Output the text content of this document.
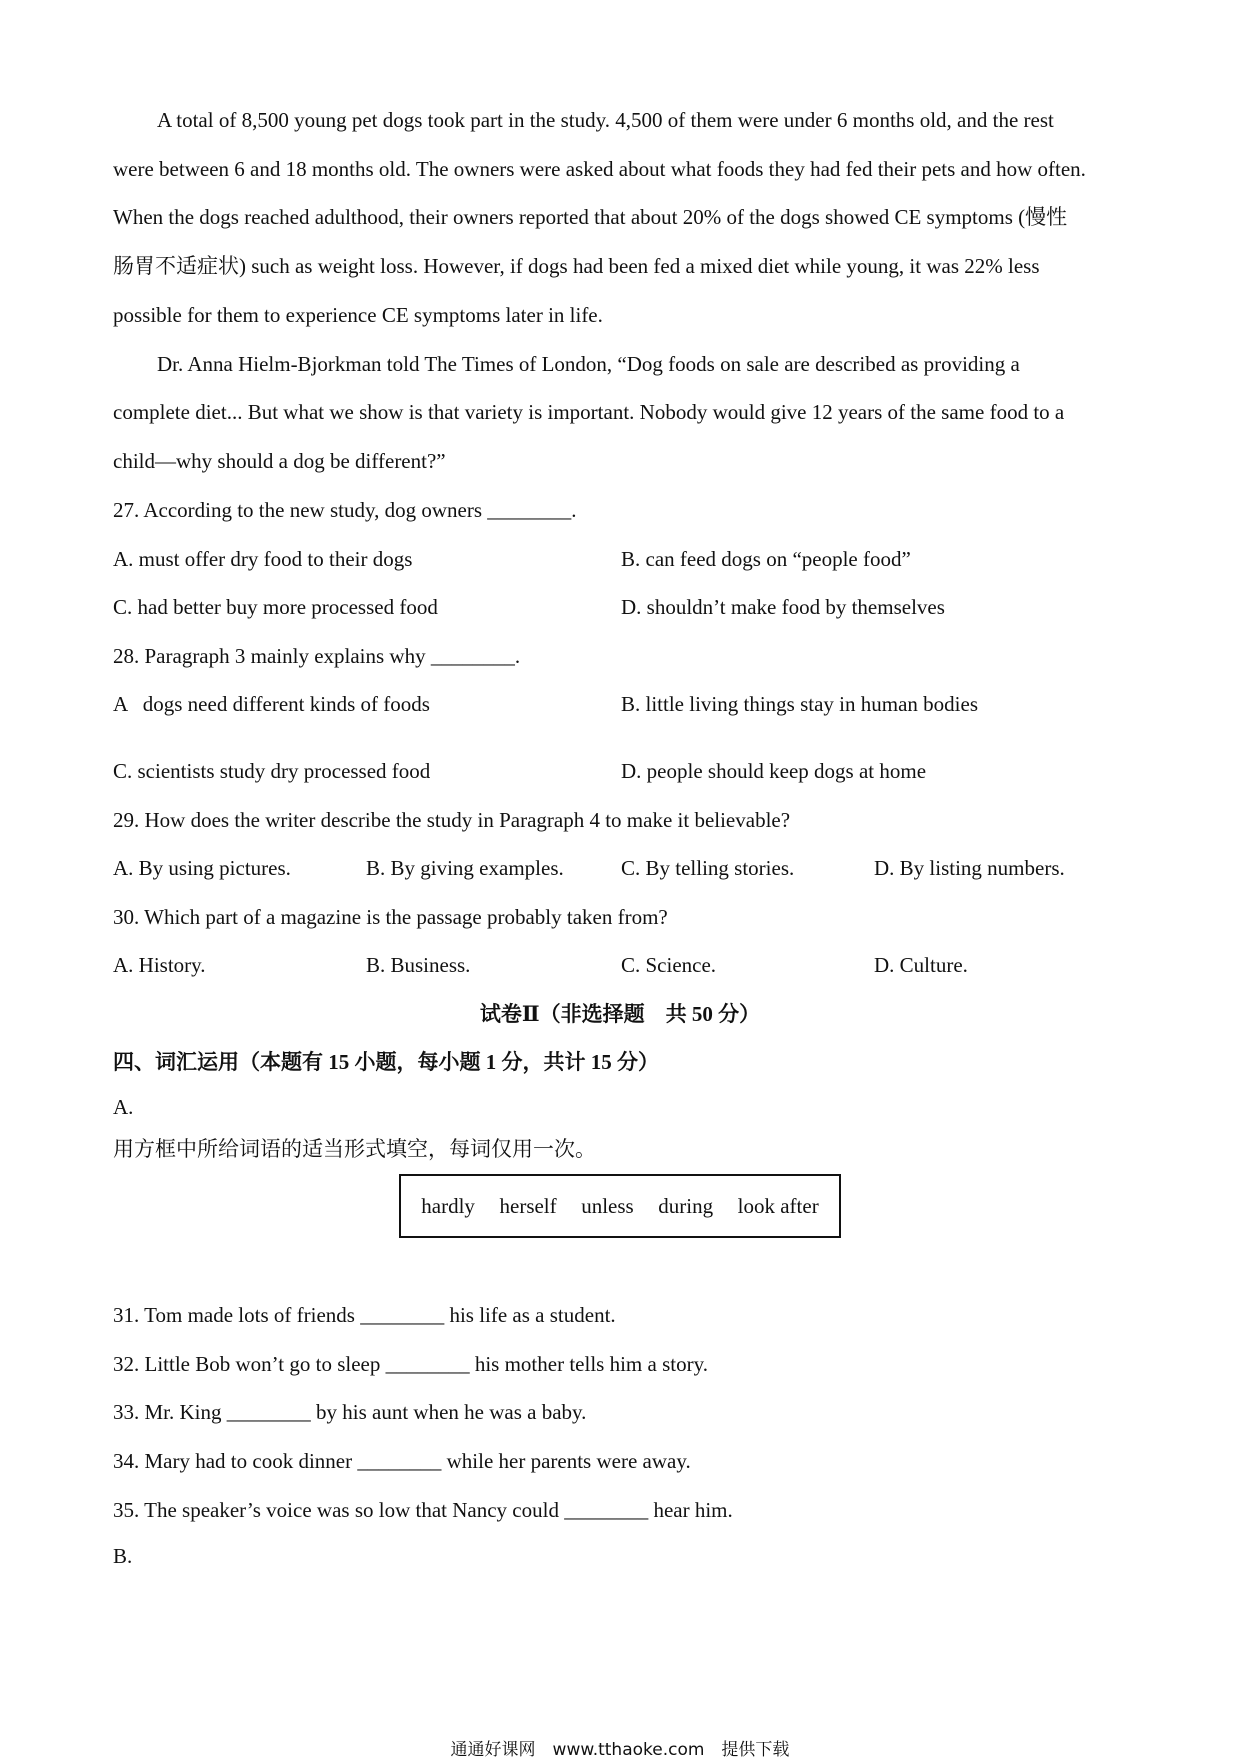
A total of 8,500 young pet dogs took part in the study. 4,500 of them were under 6 months old, and the rest
were between 6 and 18 months old. The owners were asked about what foods they had fed their pets and how often.
When the dogs reached adulthood, their owners reported that about 20% of the dogs showed CE symptoms (慢性
肠胃不适症状) such as weight loss. However, if dogs had been fed a mixed diet while young, it was 22% less
possible for them to experience CE symptoms later in life.
Dr. Anna Hielm-Bjorkman told The Times of London, “Dog foods on sale are described as providing a
complete diet... But what we show is that variety is important. Nobody would give 12 years of the same food to a
child—why should a dog be different?”
27. According to the new study, dog owners ________.
A. must offer dry food to their dogs	B. can feed dogs on “people food”
C. had better buy more processed food	D. shouldn’t make food by themselves
28. Paragraph 3 mainly explains why ________.
A   dogs need different kinds of foods	B. little living things stay in human bodies
C. scientists study dry processed food	D. people should keep dogs at home
29. How does the writer describe the study in Paragraph 4 to make it believable?
A. By using pictures.	B. By giving examples.	C. By telling stories.	D. By listing numbers.
30. Which part of a magazine is the passage probably taken from?
A. History.	B. Business.	C. Science.	D. Culture.
试卷Ⅱ（非选择题　共 50 分）
四、词汇运用（本题有 15 小题，每小题 1 分，共计 15 分）
A.
用方框中所给词语的适当形式填空，每词仅用一次。
hardly herself unless during look after
31. Tom made lots of friends ________ his life as a student.
32. Little Bob won’t go to sleep ________ his mother tells him a story.
33. Mr. King ________ by his aunt when he was a baby.
34. Mary had to cook dinner ________ while her parents were away.
35. The speaker’s voice was so low that Nancy could ________ hear him.
B.
通通好课网　www.tthaoke.com　提供下载
